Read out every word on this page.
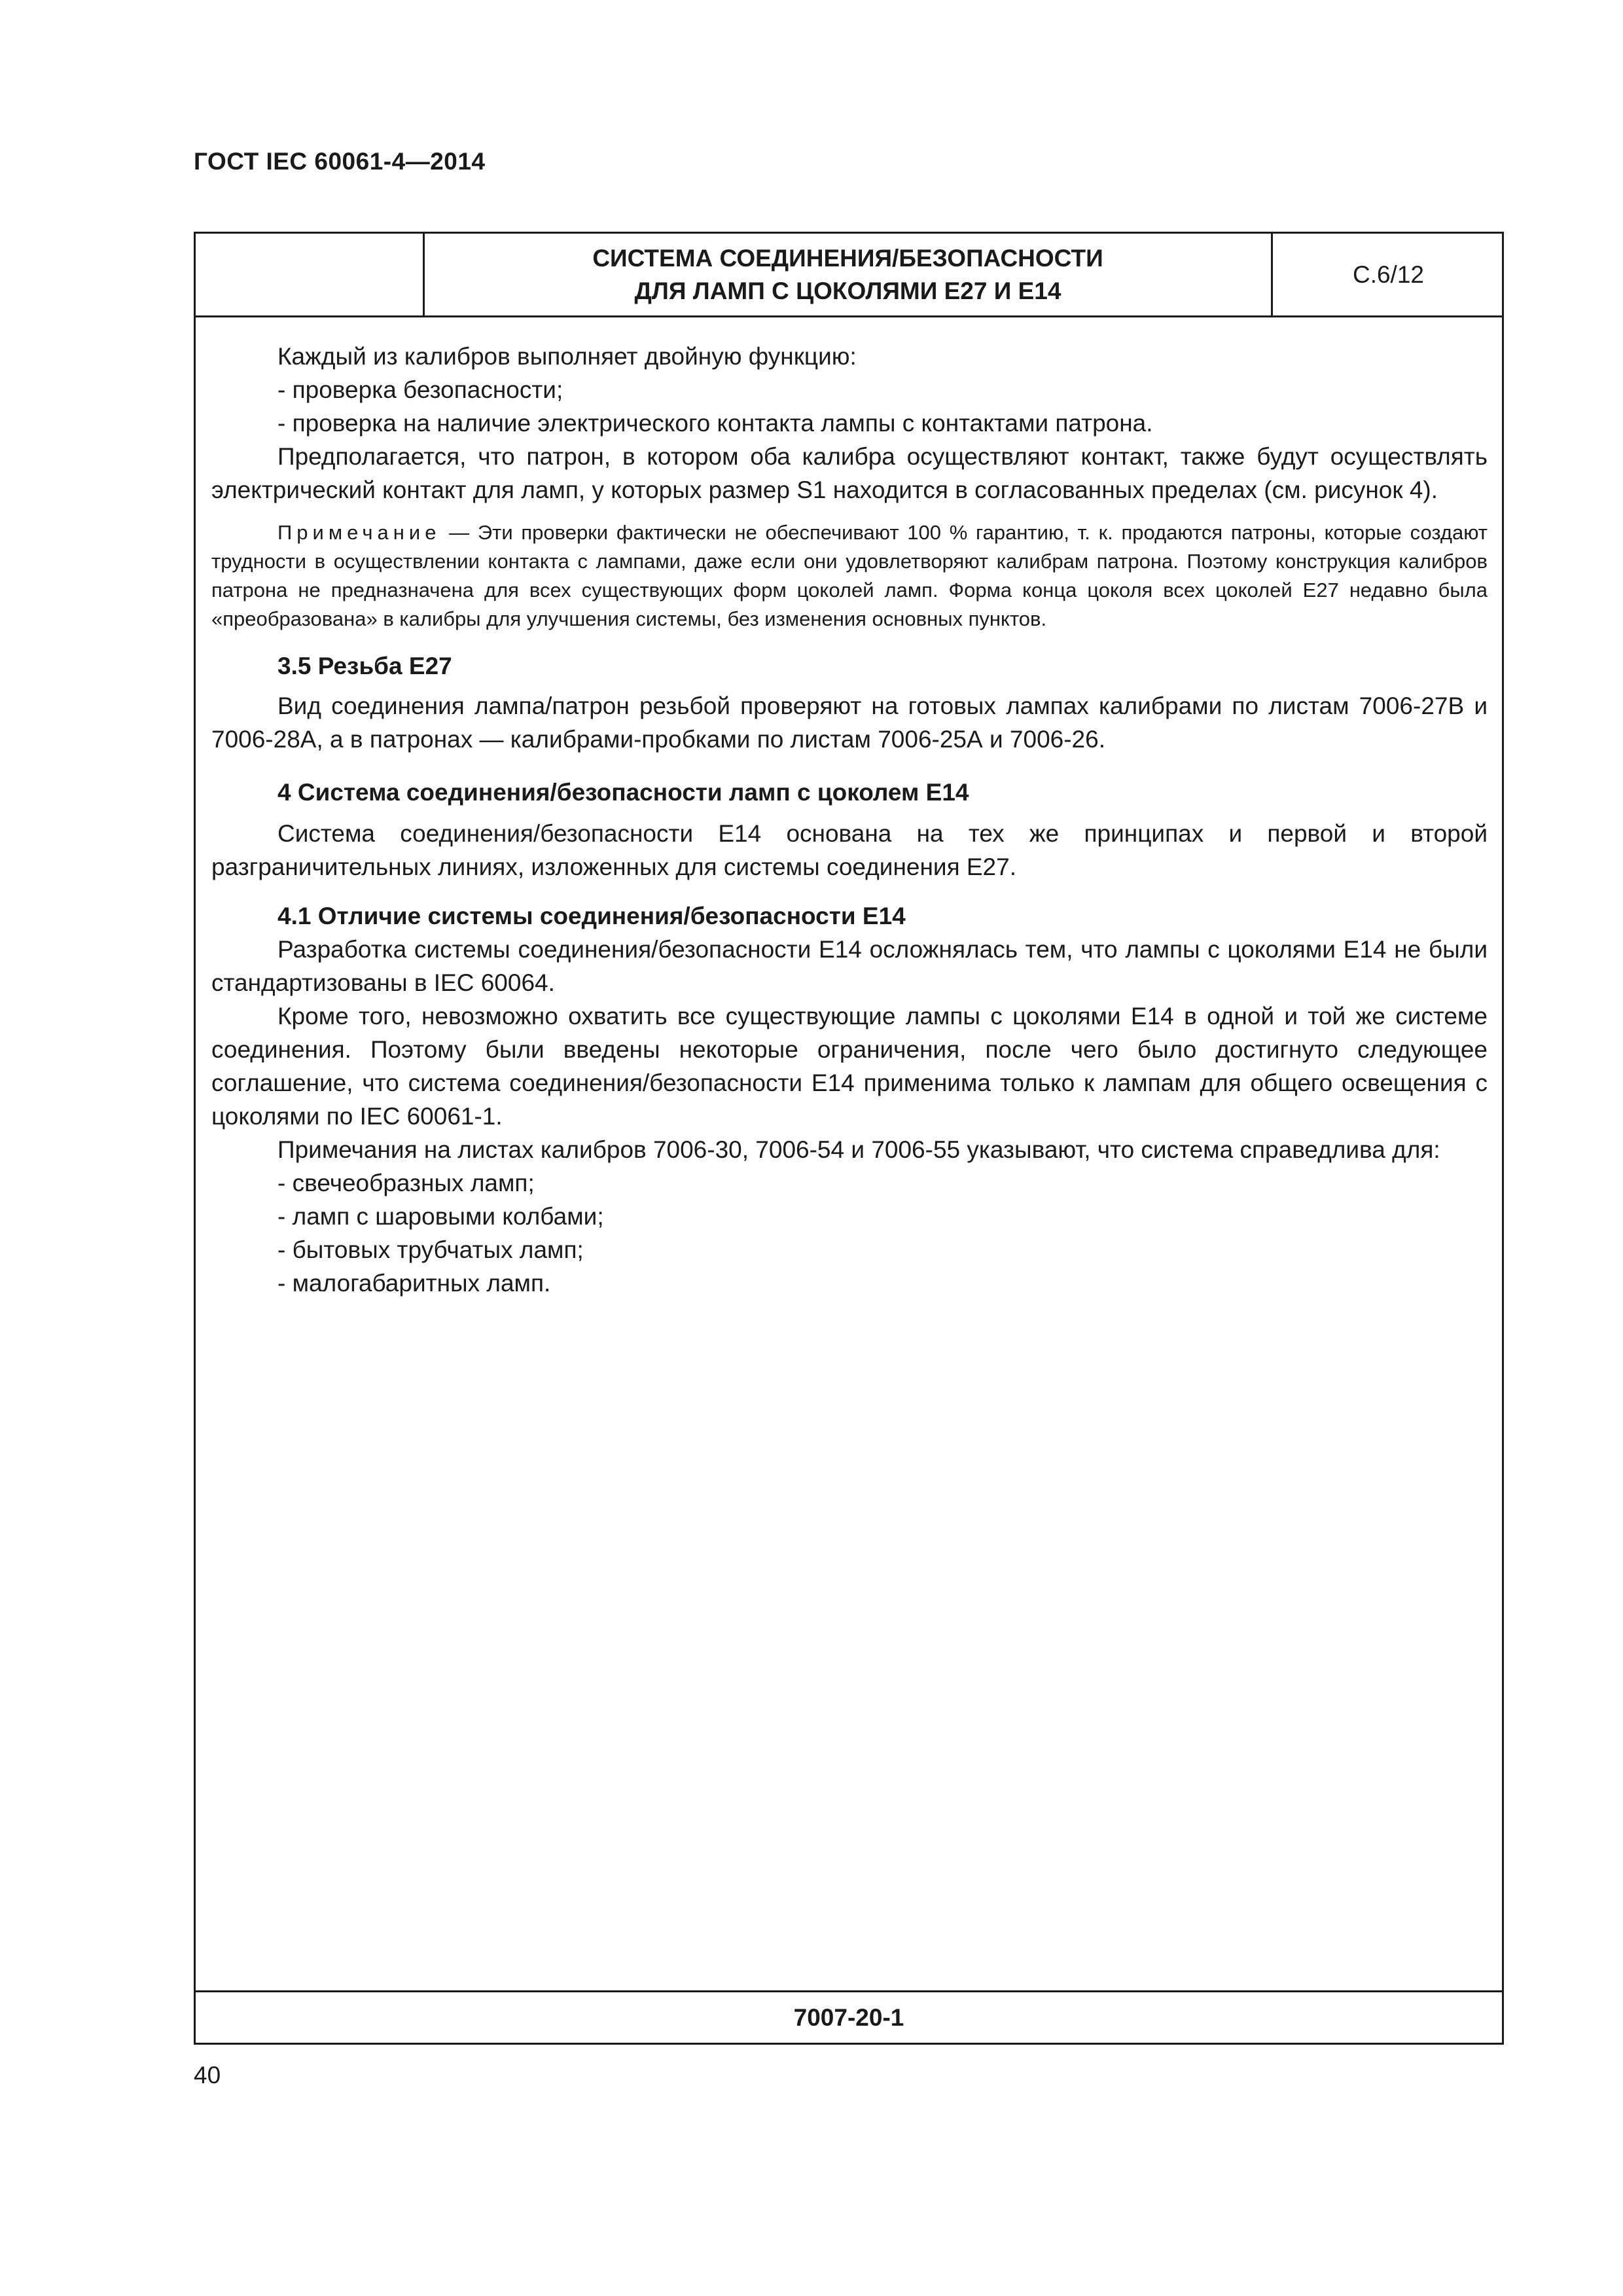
ГОСТ IEC 60061-4—2014
СИСТЕМА СОЕДИНЕНИЯ/БЕЗОПАСНОСТИ
ДЛЯ ЛАМП С ЦОКОЛЯМИ Е27 И Е14
С.6/12

Каждый из калибров выполняет двойную функцию:

- проверка безопасности;

- проверка на наличие электрического контакта лампы с контактами патрона.

Предполагается, что патрон, в котором оба калибра осуществляют контакт, также будут осуществлять электрический контакт для ламп, у которых размер S1 находится в согласованных пределах (см. рисунок 4).

Примечание — Эти проверки фактически не обеспечивают 100 % гарантию, т. к. продаются патроны, которые создают трудности в осуществлении контакта с лампами, даже если они удовлетворяют калибрам патрона. Поэтому конструкция калибров патрона не предназначена для всех существующих форм цоколей ламп. Форма конца цоколя всех цоколей Е27 недавно была «преобразована» в калибры для улучшения системы, без изменения основных пунктов.

3.5 Резьба Е27

Вид соединения лампа/патрон резьбой проверяют на готовых лампах калибрами по листам 7006-27В и 7006-28А, а в патронах — калибрами-пробками по листам 7006-25А и 7006-26.

4 Система соединения/безопасности ламп с цоколем Е14

Система соединения/безопасности Е14 основана на тех же принципах и первой и второй разграничительных линиях, изложенных для системы соединения Е27.

4.1 Отличие системы соединения/безопасности Е14

Разработка системы соединения/безопасности Е14 осложнялась тем, что лампы с цоколями Е14 не были стандартизованы в IEC 60064.

Кроме того, невозможно охватить все существующие лампы с цоколями Е14 в одной и той же системе соединения. Поэтому были введены некоторые ограничения, после чего было достигнуто следующее соглашение, что система соединения/безопасности Е14 применима только к лампам для общего освещения с цоколями по IEC 60061-1.

Примечания на листах калибров 7006-30, 7006-54 и 7006-55 указывают, что система справедлива для:

- свечеобразных ламп;

- ламп с шаровыми колбами;

- бытовых трубчатых ламп;

- малогабаритных ламп.

7007-20-1
40
